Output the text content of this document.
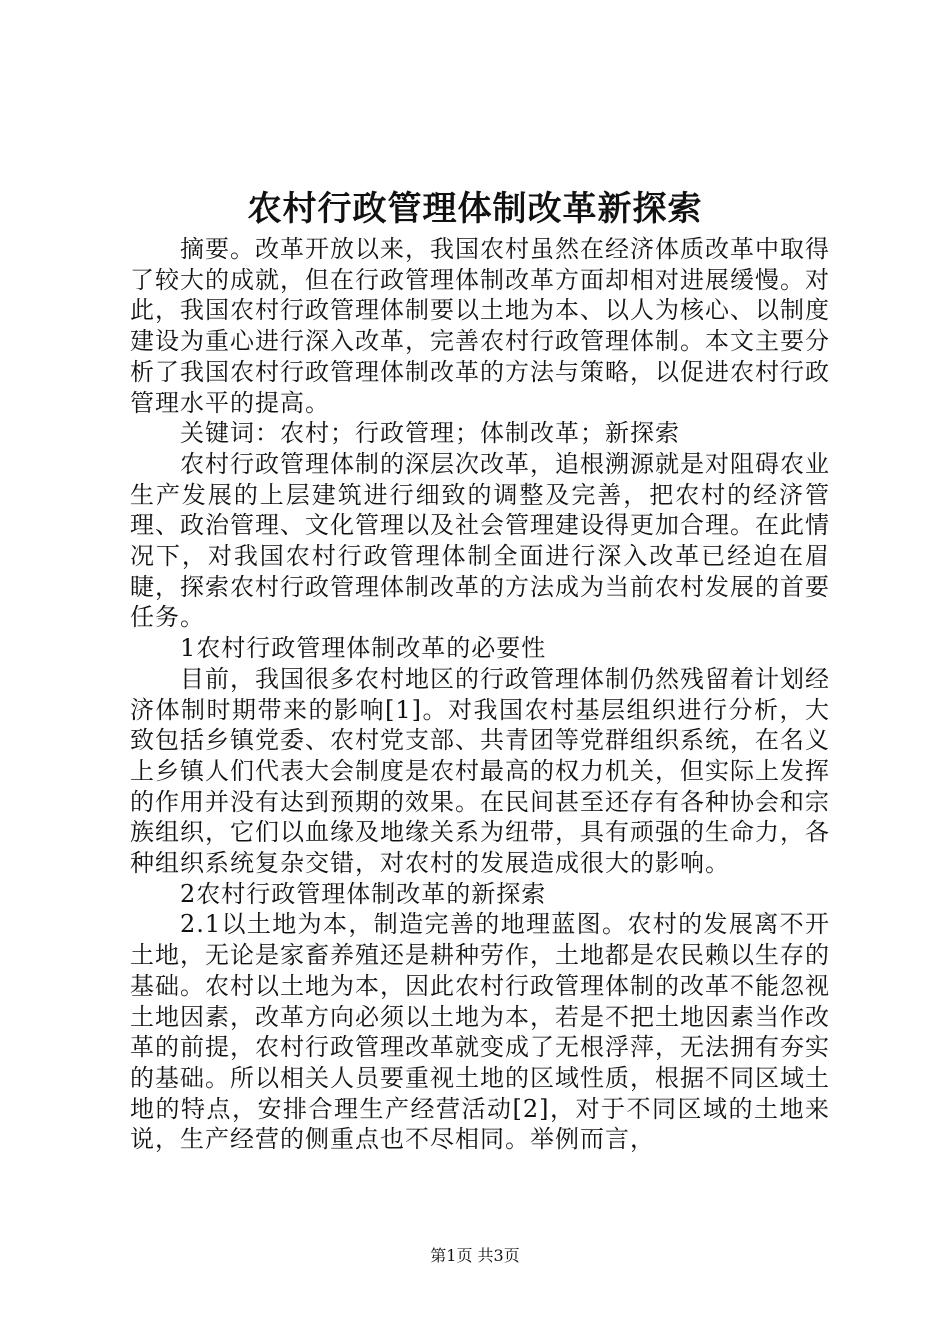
农村行政管理体制改革新探索

摘要。改革开放以来，我国农村虽然在经济体质改革中取得了较大的成就，但在行政管理体制改革方面却相对进展缓慢。对此，我国农村行政管理体制要以土地为本、以人为核心、以制度建设为重心进行深入改革，完善农村行政管理体制。本文主要分析了我国农村行政管理体制改革的方法与策略，以促进农村行政管理水平的提高。

关键词：农村；行政管理；体制改革；新探索

农村行政管理体制的深层次改革，追根溯源就是对阻碍农业生产发展的上层建筑进行细致的调整及完善，把农村的经济管理、政治管理、文化管理以及社会管理建设得更加合理。在此情况下，对我国农村行政管理体制全面进行深入改革已经迫在眉睫，探索农村行政管理体制改革的方法成为当前农村发展的首要任务。

1农村行政管理体制改革的必要性

目前，我国很多农村地区的行政管理体制仍然残留着计划经济体制时期带来的影响[1]。对我国农村基层组织进行分析，大致包括乡镇党委、农村党支部、共青团等党群组织系统，在名义上乡镇人们代表大会制度是农村最高的权力机关，但实际上发挥的作用并没有达到预期的效果。在民间甚至还存有各种协会和宗族组织，它们以血缘及地缘关系为纽带，具有顽强的生命力，各种组织系统复杂交错，对农村的发展造成很大的影响。

2农村行政管理体制改革的新探索

2.1以土地为本，制造完善的地理蓝图。农村的发展离不开土地，无论是家畜养殖还是耕种劳作，土地都是农民赖以生存的基础。农村以土地为本，因此农村行政管理体制的改革不能忽视土地因素，改革方向必须以土地为本，若是不把土地因素当作改革的前提，农村行政管理改革就变成了无根浮萍，无法拥有夯实的基础。所以相关人员要重视土地的区域性质，根据不同区域土地的特点，安排合理生产经营活动[2]，对于不同区域的土地来说，生产经营的侧重点也不尽相同。举例而言，

第1页 共3页
